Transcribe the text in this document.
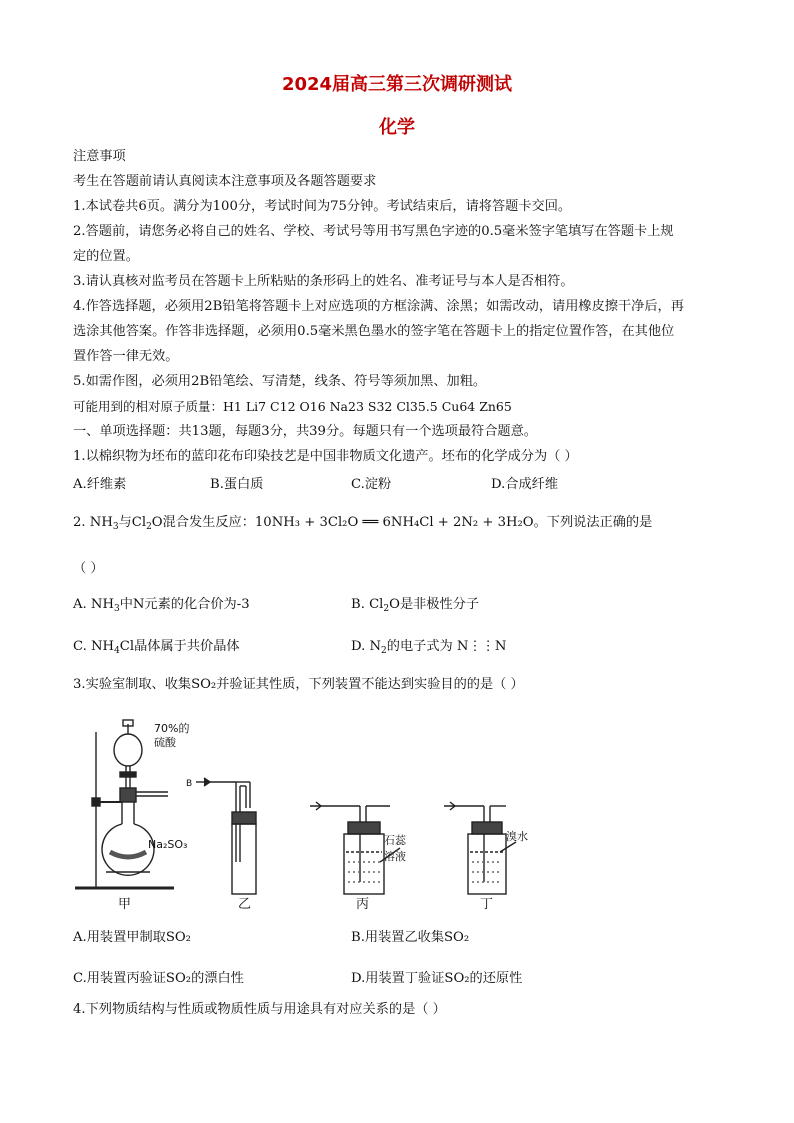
2024届高三第三次调研测试
化学
注意事项
考生在答题前请认真阅读本注意事项及各题答题要求
1.本试卷共6页。满分为100分，考试时间为75分钟。考试结束后，请将答题卡交回。
2.答题前，请您务必将自己的姓名、学校、考试号等用书写黑色字迹的0.5毫米签字笔填写在答题卡上规
定的位置。
3.请认真核对监考员在答题卡上所粘贴的条形码上的姓名、准考证号与本人是否相符。
4.作答选择题，必须用2B铅笔将答题卡上对应选项的方框涂满、涂黑；如需改动，请用橡皮擦干净后，再
选涂其他答案。作答非选择题，必须用0.5毫米黑色墨水的签字笔在答题卡上的指定位置作答，在其他位
置作答一律无效。
5.如需作图，必须用2B铅笔绘、写清楚，线条、符号等须加黑、加粗。
可能用到的相对原子质量：H1 Li7 C12 O16 Na23 S32 Cl35.5 Cu64 Zn65
一、单项选择题：共13题，每题3分，共39分。每题只有一个选项最符合题意。
1.以棉织物为坯布的蓝印花布印染技艺是中国非物质文化遗产。坯布的化学成分为（ ）
A.纤维素	B.蛋白质	C.淀粉	D.合成纤维
2. $NH_3$与$Cl_2O$混合发生反应：10NH₃ + 3Cl₂O ══ 6NH₄Cl + 2N₂ + 3H₂O。下列说法正确的是
（ ）
A. $NH_3$中N元素的化合价为-3	B. $Cl_2O$是非极性分子
C. $NH_4Cl$晶体属于共价晶体	D. $N_2$的电子式为 N⋮⋮N
3.实验室制取、收集SO₂并验证其性质，下列装置不能达到实验目的的是（ ）
70%的
硫酸
Na₂SO₃
B
石蕊
溶液
溴水
甲	乙	丙	丁
A.用装置甲制取SO₂	B.用装置乙收集SO₂
C.用装置丙验证SO₂的漂白性	D.用装置丁验证SO₂的还原性
4.下列物质结构与性质或物质性质与用途具有对应关系的是（ ）
